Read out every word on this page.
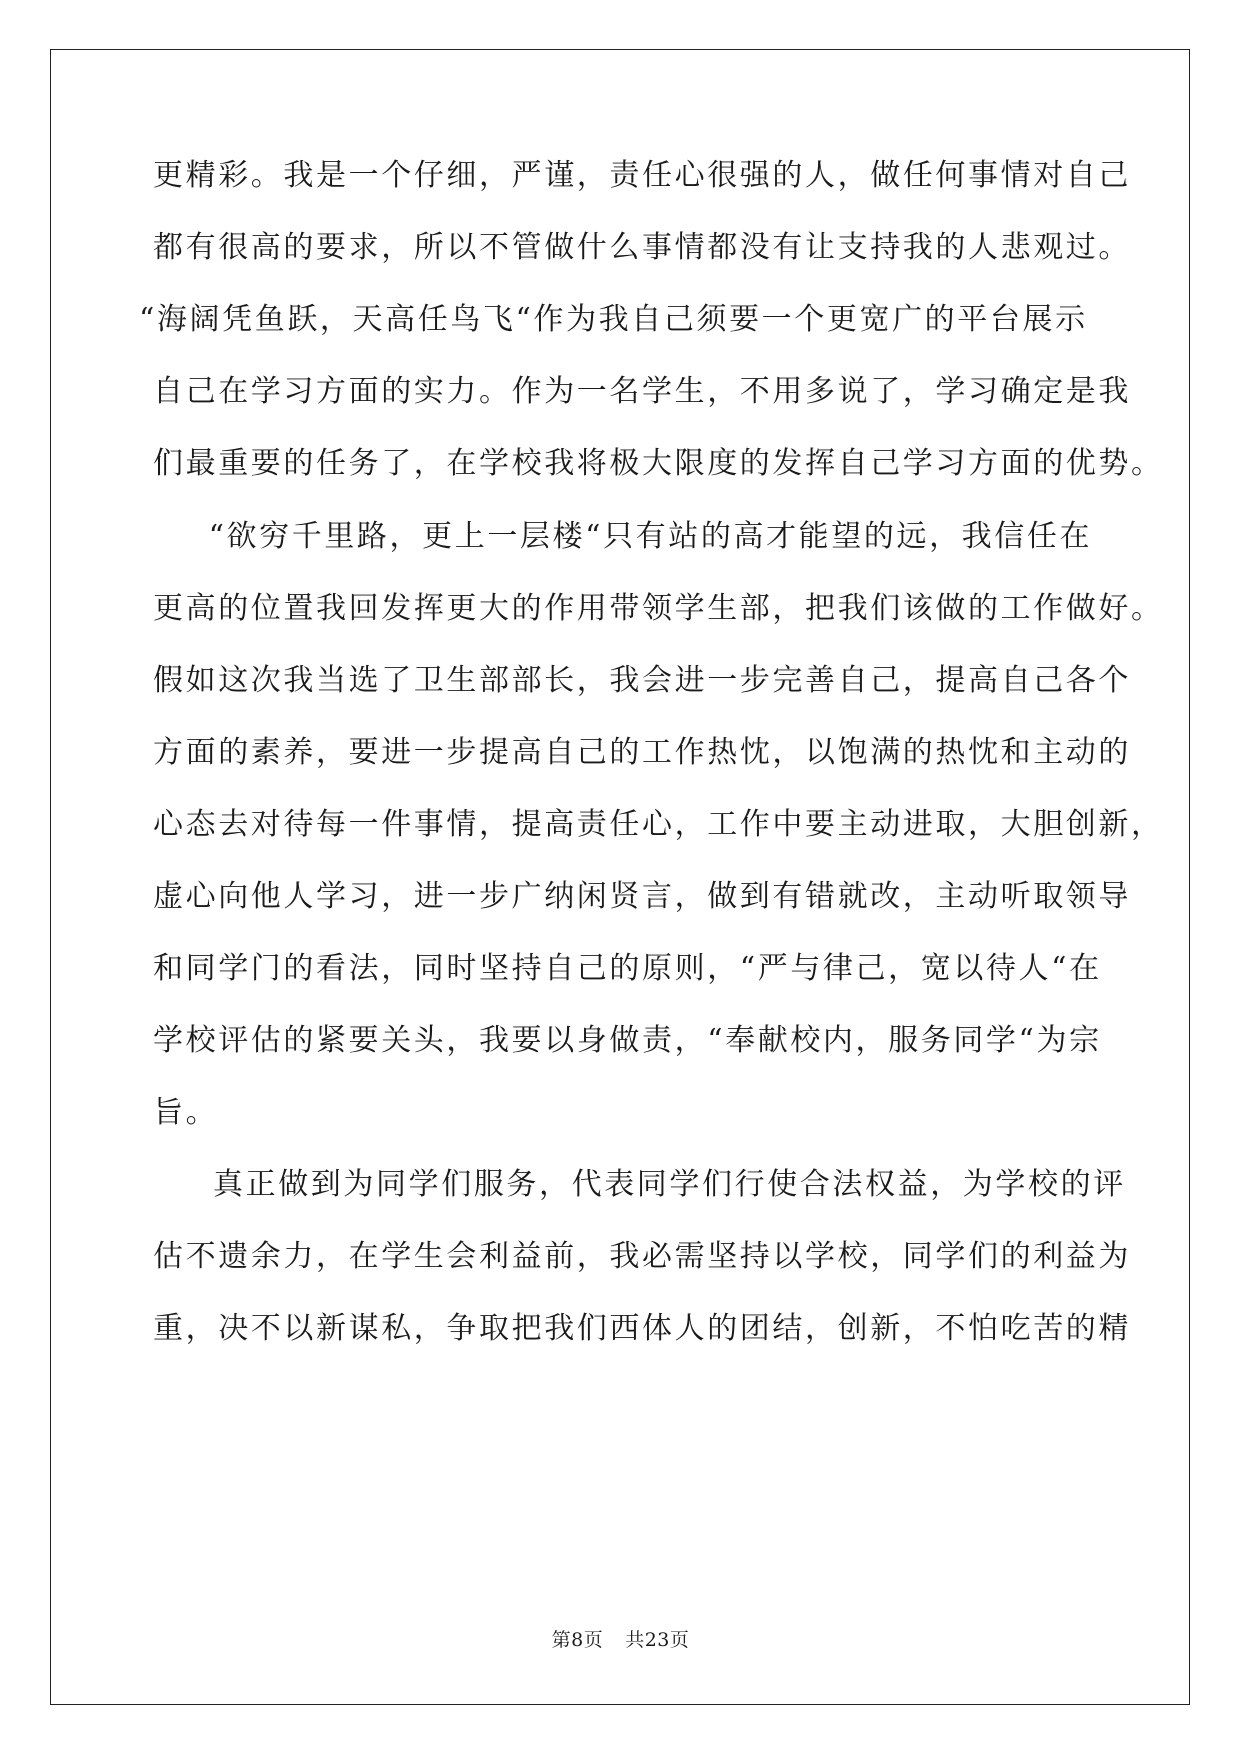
更精彩。我是一个仔细，严谨，责任心很强的人，做任何事情对自己
都有很高的要求，所以不管做什么事情都没有让支持我的人悲观过。
“海阔凭鱼跃，天高任鸟飞“作为我自己须要一个更宽广的平台展示
自己在学习方面的实力。作为一名学生，不用多说了，学习确定是我
们最重要的任务了，在学校我将极大限度的发挥自己学习方面的优势。
　“欲穷千里路，更上一层楼“只有站的高才能望的远，我信任在
更高的位置我回发挥更大的作用带领学生部，把我们该做的工作做好。
假如这次我当选了卫生部部长，我会进一步完善自己，提高自己各个
方面的素养，要进一步提高自己的工作热忱，以饱满的热忱和主动的
心态去对待每一件事情，提高责任心，工作中要主动进取，大胆创新，
虚心向他人学习，进一步广纳闲贤言，做到有错就改，主动听取领导
和同学门的看法，同时坚持自己的原则，“严与律己，宽以待人“在
学校评估的紧要关头，我要以身做责，“奉献校内，服务同学“为宗
旨。
真正做到为同学们服务，代表同学们行使合法权益，为学校的评
估不遗余力，在学生会利益前，我必需坚持以学校，同学们的利益为
重，决不以新谋私，争取把我们西体人的团结，创新，不怕吃苦的精
第8页 共23页
